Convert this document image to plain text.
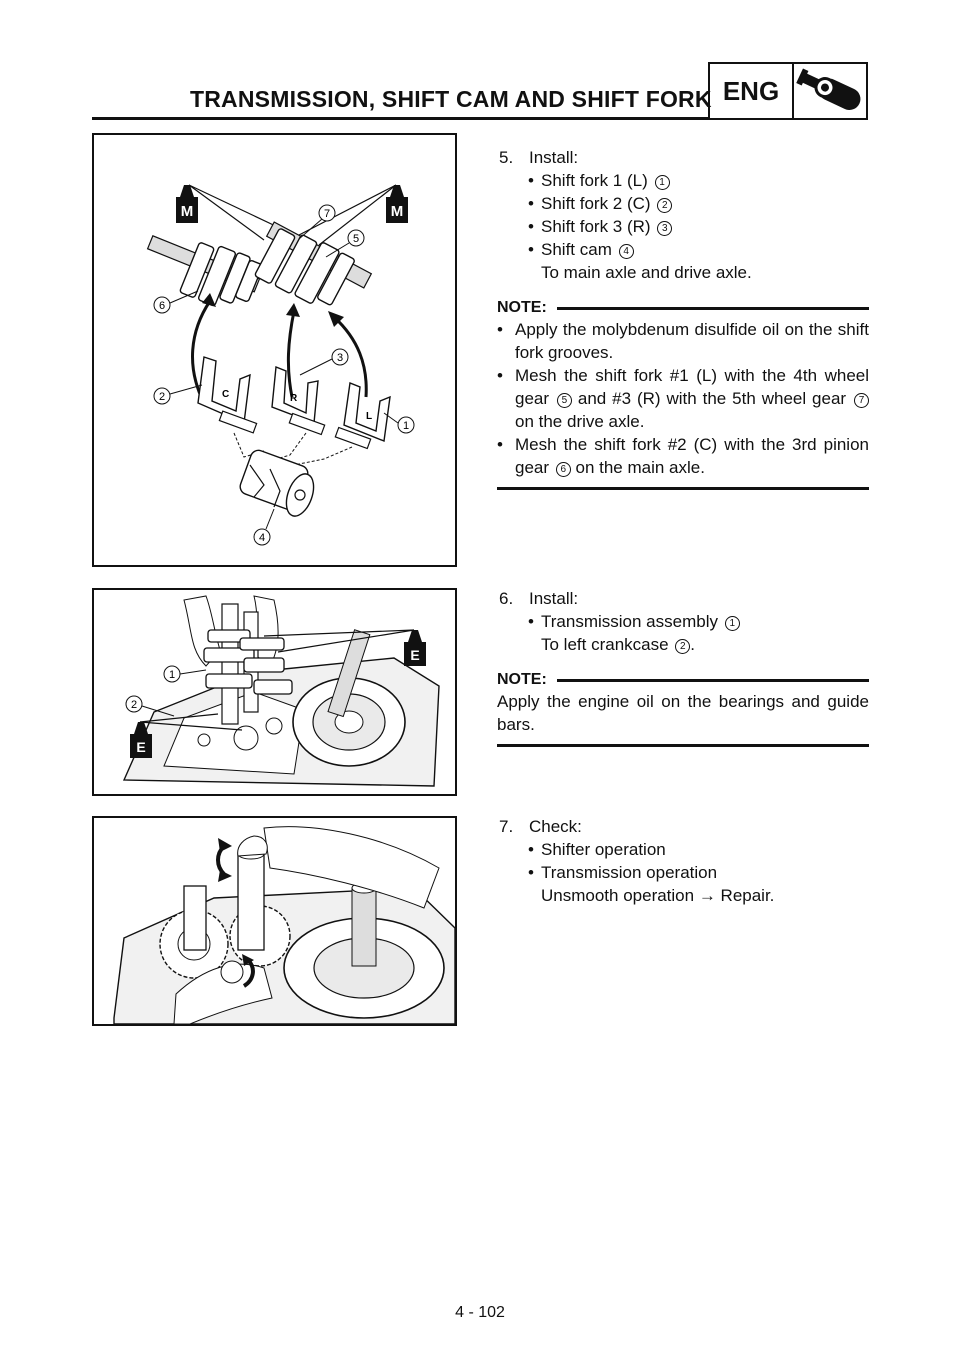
TRANSMISSION, SHIFT CAM AND SHIFT FORK ENG
M	M
C	R
L
7
5
6
3
2
1
4
E
E
1
2

5. Install:

• Shift fork 1 (L) 1

• Shift fork 2 (C) 2

• Shift fork 3 (R) 3

• Shift cam 4

To main axle and drive axle.

NOTE:

• Apply the molybdenum disulfide oil on the shift fork grooves.

• Mesh the shift fork #1 (L) with the 4th wheel gear 5 and #3 (R) with the 5th wheel gear 7 on the drive axle.

• Mesh the shift fork #2 (C) with the 3rd pinion gear 6 on the main axle.

6. Install:

• Transmission assembly 1

To left crankcase 2 .

NOTE:

Apply the engine oil on the bearings and guide bars.

7. Check:

• Shifter operation

• Transmission operation

Unsmooth operation → Repair.

4 - 102
